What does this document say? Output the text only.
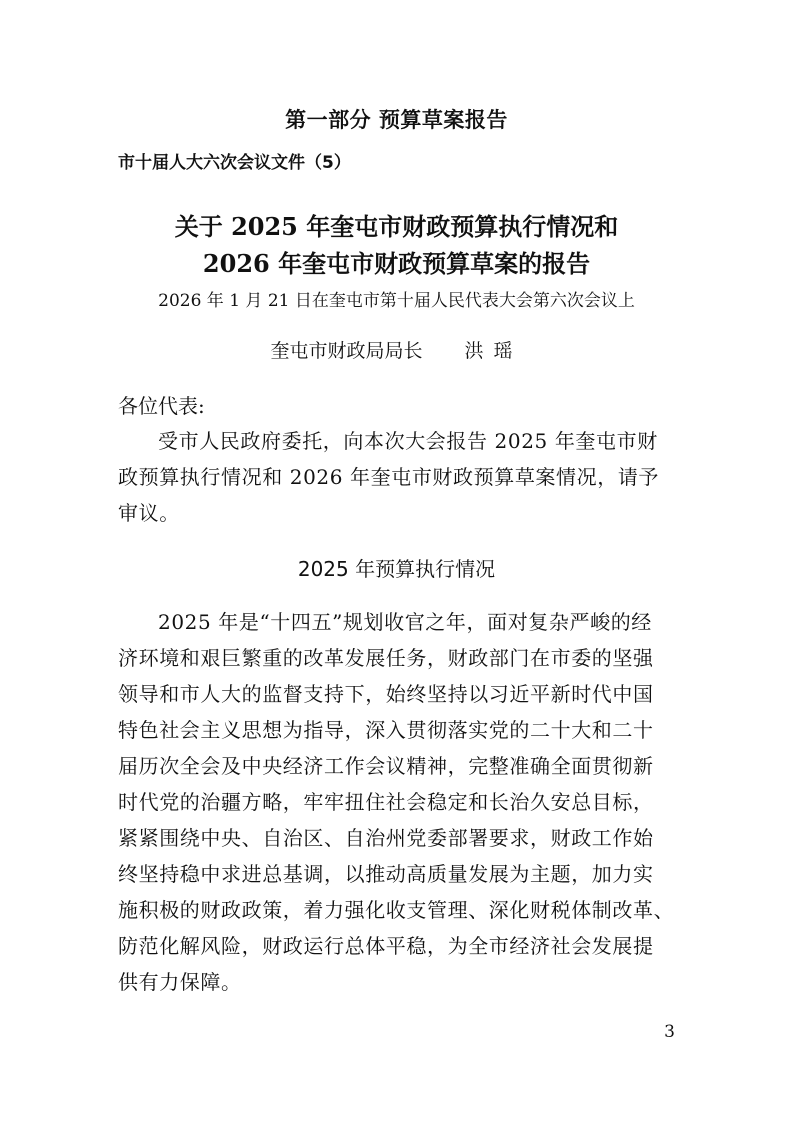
第一部分 预算草案报告
市十届人大六次会议文件（5）
关于 2025 年奎屯市财政预算执行情况和
2026 年奎屯市财政预算草案的报告
2026 年 1 月 21 日在奎屯市第十届人民代表大会第六次会议上
奎屯市财政局局长 洪瑶
各位代表:
受市人民政府委托，向本次大会报告 2025 年奎屯市财
政预算执行情况和 2026 年奎屯市财政预算草案情况，请予
审议。
2025 年预算执行情况
2025 年是“十四五”规划收官之年，面对复杂严峻的经
济环境和艰巨繁重的改革发展任务，财政部门在市委的坚强
领导和市人大的监督支持下，始终坚持以习近平新时代中国
特色社会主义思想为指导，深入贯彻落实党的二十大和二十
届历次全会及中央经济工作会议精神，完整准确全面贯彻新
时代党的治疆方略，牢牢扭住社会稳定和长治久安总目标，
紧紧围绕中央、自治区、自治州党委部署要求，财政工作始
终坚持稳中求进总基调，以推动高质量发展为主题，加力实
施积极的财政政策，着力强化收支管理、深化财税体制改革、
防范化解风险，财政运行总体平稳，为全市经济社会发展提
供有力保障。
3
